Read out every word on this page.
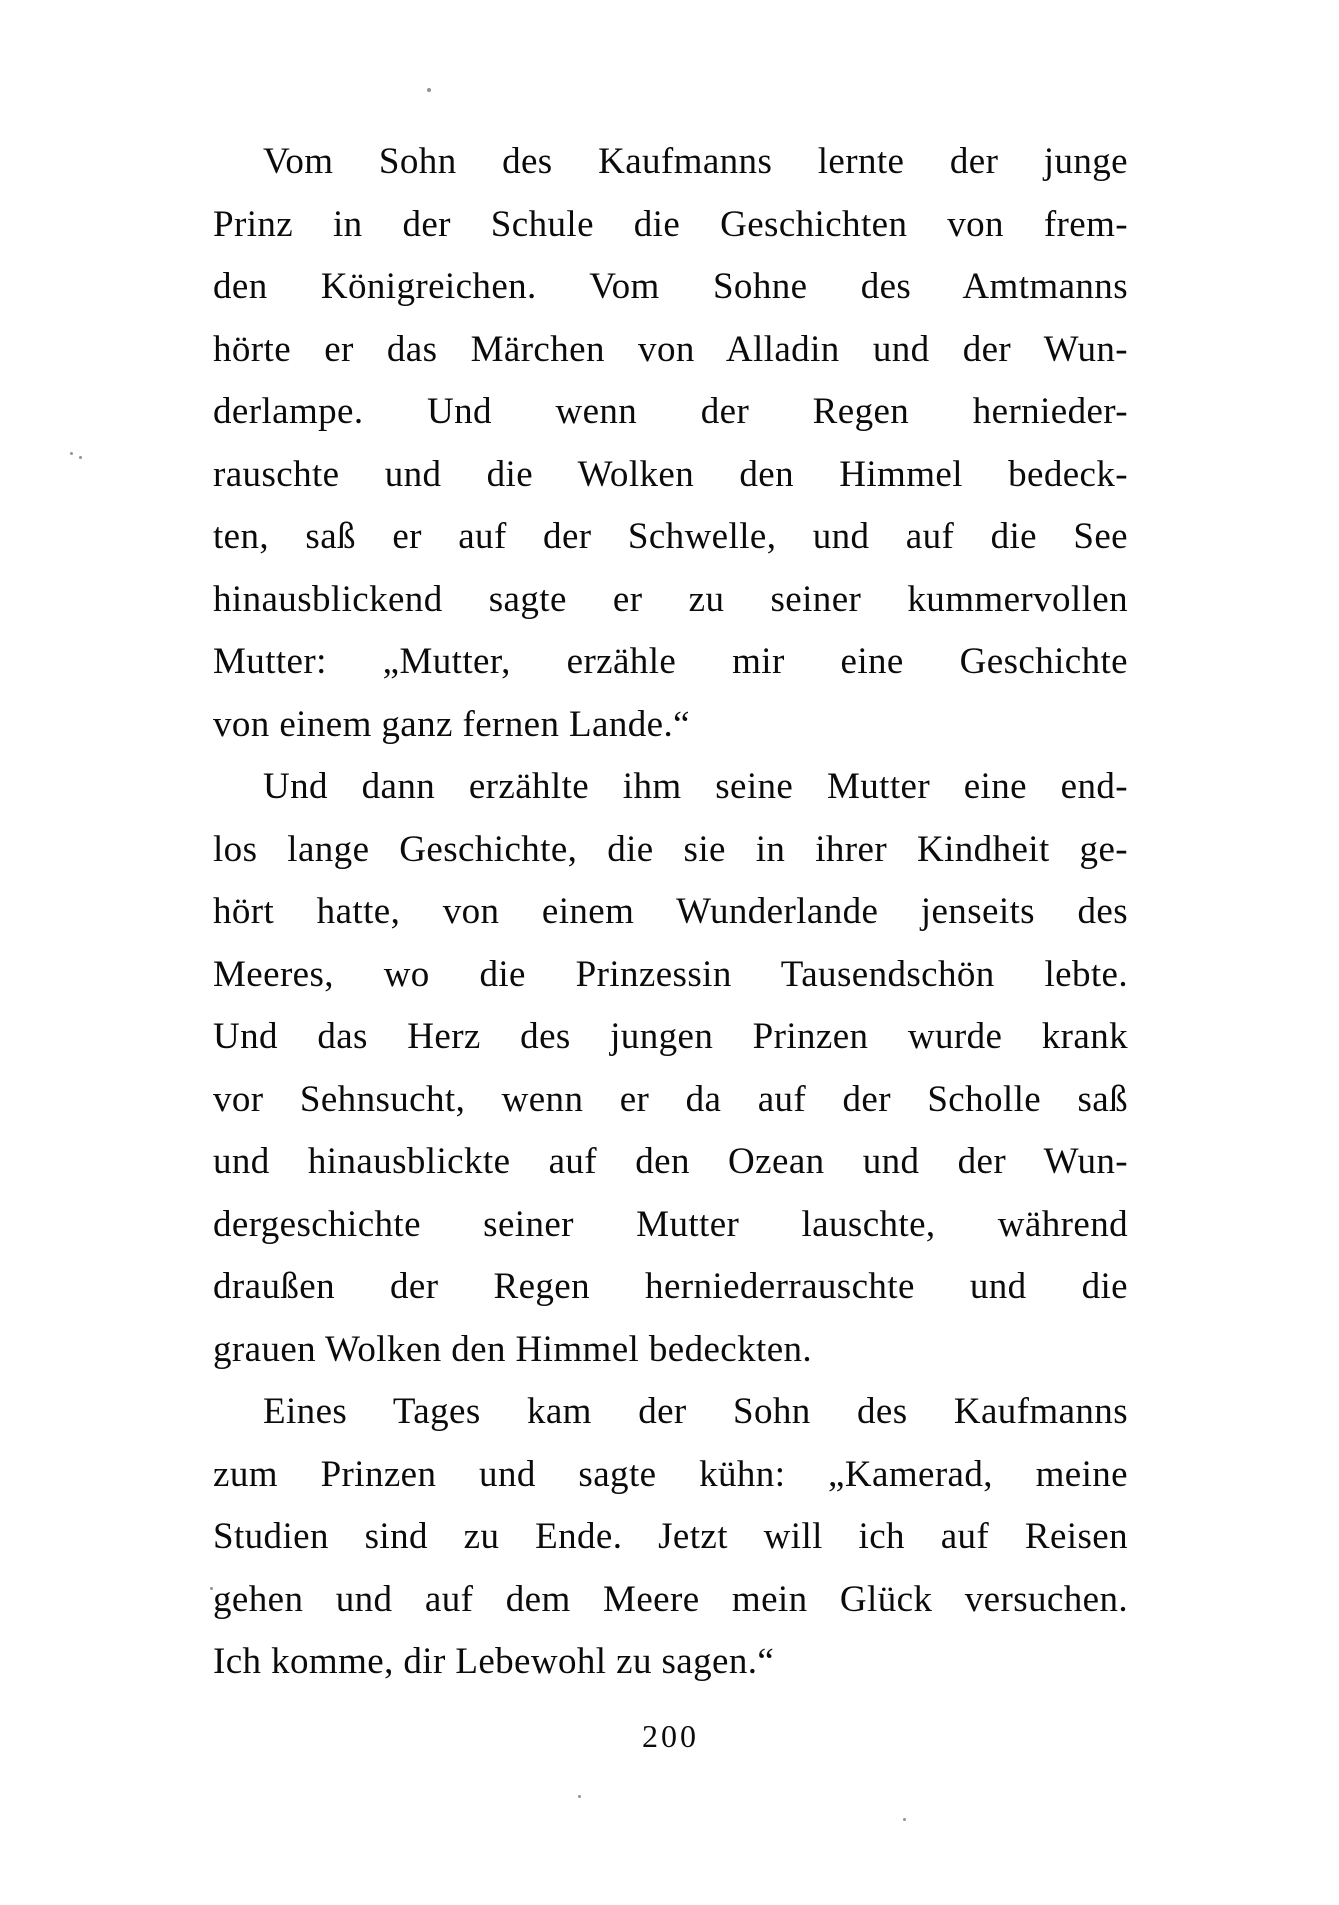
Vom Sohn des Kaufmanns lernte der junge
Prinz in der Schule die Geschichten von frem-
den Königreichen. Vom Sohne des Amtmanns
hörte er das Märchen von Alladin und der Wun-
derlampe. Und wenn der Regen hernieder-
rauschte und die Wolken den Himmel bedeck-
ten, saß er auf der Schwelle, und auf die See
hinausblickend sagte er zu seiner kummervollen
Mutter: „Mutter, erzähle mir eine Geschichte
von einem ganz fernen Lande.“
Und dann erzählte ihm seine Mutter eine end-
los lange Geschichte, die sie in ihrer Kindheit ge-
hört hatte, von einem Wunderlande jenseits des
Meeres, wo die Prinzessin Tausendschön lebte.
Und das Herz des jungen Prinzen wurde krank
vor Sehnsucht, wenn er da auf der Scholle saß
und hinausblickte auf den Ozean und der Wun-
dergeschichte seiner Mutter lauschte, während
draußen der Regen herniederrauschte und die
grauen Wolken den Himmel bedeckten.
Eines Tages kam der Sohn des Kaufmanns
zum Prinzen und sagte kühn: „Kamerad, meine
Studien sind zu Ende. Jetzt will ich auf Reisen
gehen und auf dem Meere mein Glück versuchen.
Ich komme, dir Lebewohl zu sagen.“
200
